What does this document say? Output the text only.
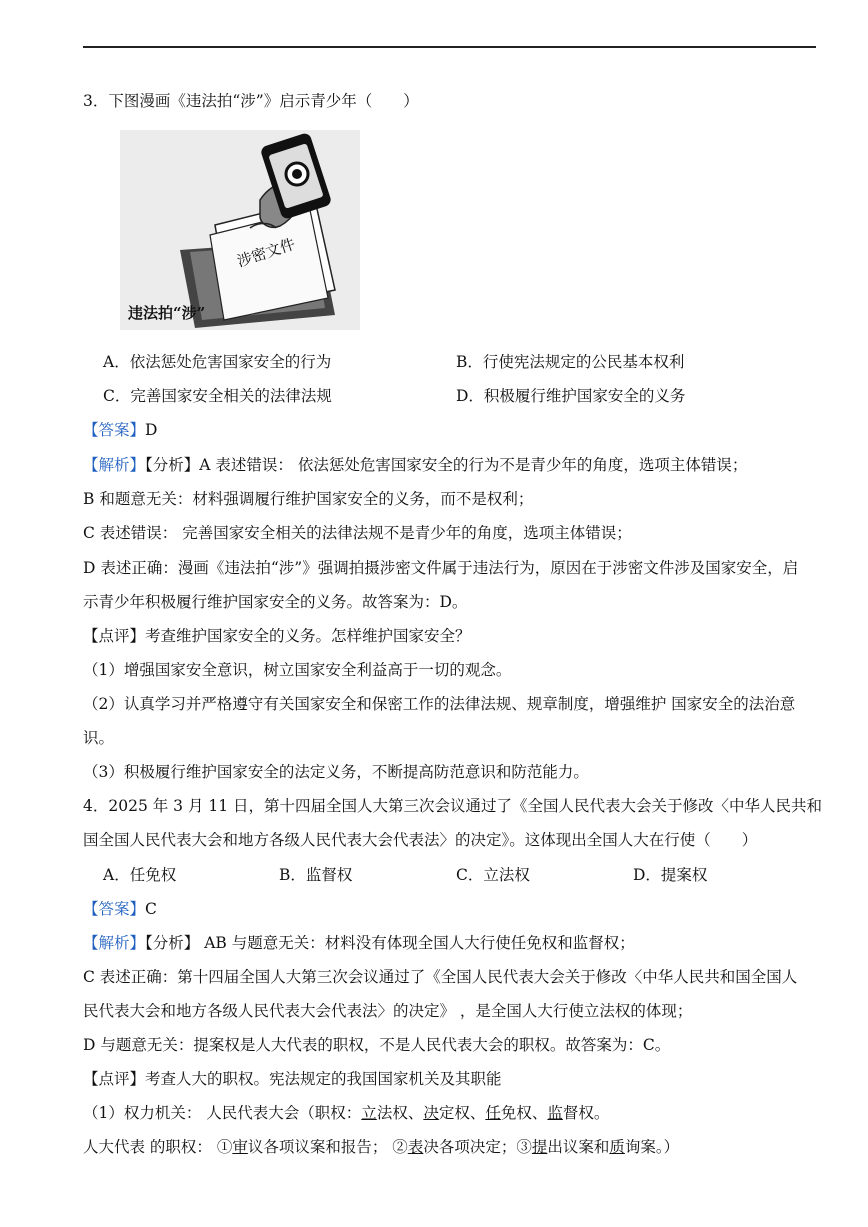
3．下图漫画《违法拍“涉”》启示青少年（　　）
涉密文件
违法拍“涉”
A．依法惩处危害国家安全的行为	B．行使宪法规定的公民基本权利
C．完善国家安全相关的法律法规	D．积极履行维护国家安全的义务
【答案】D
【解析】【分析】A 表述错误： 依法惩处危害国家安全的行为不是青少年的角度，选项主体错误；
B 和题意无关：材料强调履行维护国家安全的义务，而不是权利；
C 表述错误： 完善国家安全相关的法律法规不是青少年的角度，选项主体错误；
D 表述正确：漫画《违法拍“涉”》强调拍摄涉密文件属于违法行为，原因在于涉密文件涉及国家安全，启
示青少年积极履行维护国家安全的义务。故答案为：D。
【点评】考查维护国家安全的义务。怎样维护国家安全？
（1）增强国家安全意识，树立国家安全利益高于一切的观念。
（2）认真学习并严格遵守有关国家安全和保密工作的法律法规、规章制度，增强维护 国家安全的法治意
识。
（3）积极履行维护国家安全的法定义务，不断提高防范意识和防范能力。
4．2025 年 3 月 11 日，第十四届全国人大第三次会议通过了《全国人民代表大会关于修改〈中华人民共和
国全国人民代表大会和地方各级人民代表大会代表法〉的决定》。这体现出全国人大在行使（　　）
A．任免权	B．监督权	C．立法权	D．提案权
【答案】C
【解析】【分析】 AB 与题意无关：材料没有体现全国人大行使任免权和监督权；
C 表述正确：第十四届全国人大第三次会议通过了《全国人民代表大会关于修改〈中华人民共和国全国人
民代表大会和地方各级人民代表大会代表法〉的决定》 ，是全国人大行使立法权的体现；
D 与题意无关：提案权是人大代表的职权，不是人民代表大会的职权。故答案为：C。
【点评】考查人大的职权。宪法规定的我国国家机关及其职能
（1）权力机关： 人民代表大会（职权：立法权、决定权、任免权、监督权。
人大代表 的职权： ①审议各项议案和报告； ②表决各项决定；③提出议案和质询案。）
